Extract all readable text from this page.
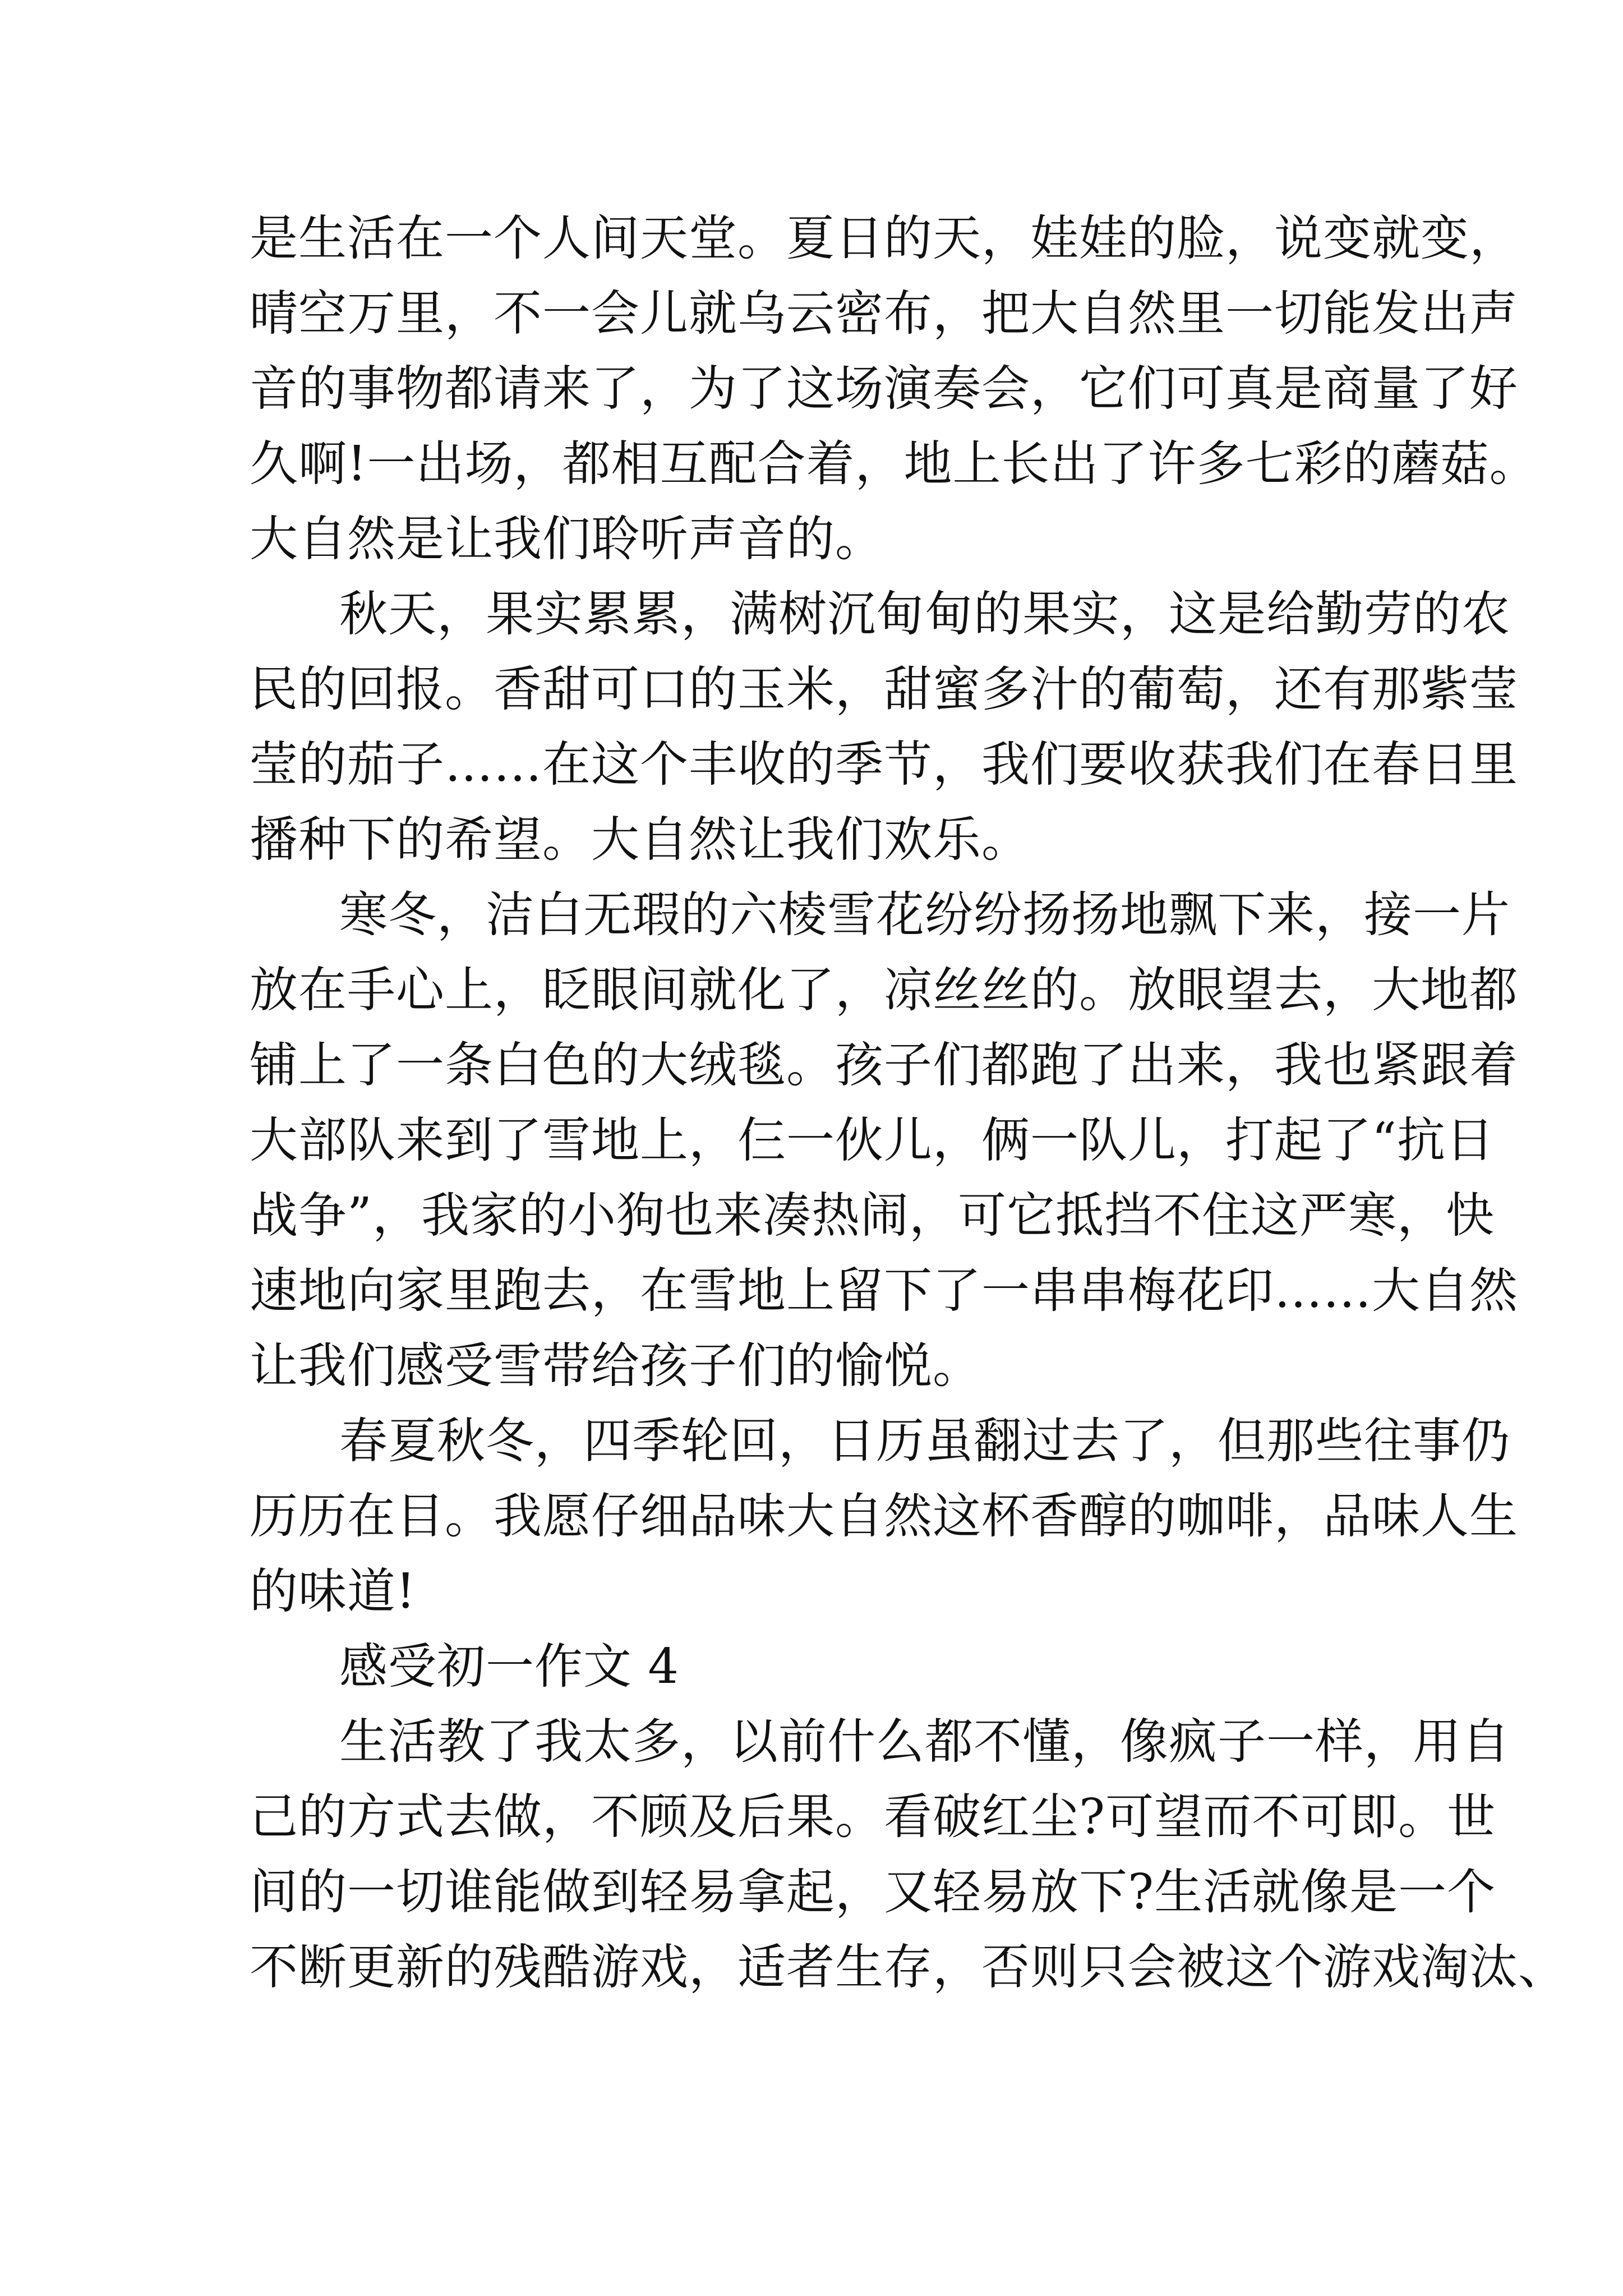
是生活在一个人间天堂。夏日的天，娃娃的脸，说变就变，
晴空万里，不一会儿就乌云密布，把大自然里一切能发出声
音的事物都请来了，为了这场演奏会，它们可真是商量了好
久啊!一出场，都相互配合着，地上长出了许多七彩的蘑菇。
大自然是让我们聆听声音的。
秋天，果实累累，满树沉甸甸的果实，这是给勤劳的农
民的回报。香甜可口的玉米，甜蜜多汁的葡萄，还有那紫莹
莹的茄子……在这个丰收的季节，我们要收获我们在春日里
播种下的希望。大自然让我们欢乐。
寒冬，洁白无瑕的六棱雪花纷纷扬扬地飘下来，接一片
放在手心上，眨眼间就化了，凉丝丝的。放眼望去，大地都
铺上了一条白色的大绒毯。孩子们都跑了出来，我也紧跟着
大部队来到了雪地上，仨一伙儿，俩一队儿，打起了“抗日
战争”，我家的小狗也来凑热闹，可它抵挡不住这严寒，快
速地向家里跑去，在雪地上留下了一串串梅花印……大自然
让我们感受雪带给孩子们的愉悦。
春夏秋冬，四季轮回，日历虽翻过去了，但那些往事仍
历历在目。我愿仔细品味大自然这杯香醇的咖啡，品味人生
的味道!
感受初一作文 4
生活教了我太多，以前什么都不懂，像疯子一样，用自
己的方式去做，不顾及后果。看破红尘?可望而不可即。世
间的一切谁能做到轻易拿起，又轻易放下?生活就像是一个
不断更新的残酷游戏，适者生存，否则只会被这个游戏淘汰、
